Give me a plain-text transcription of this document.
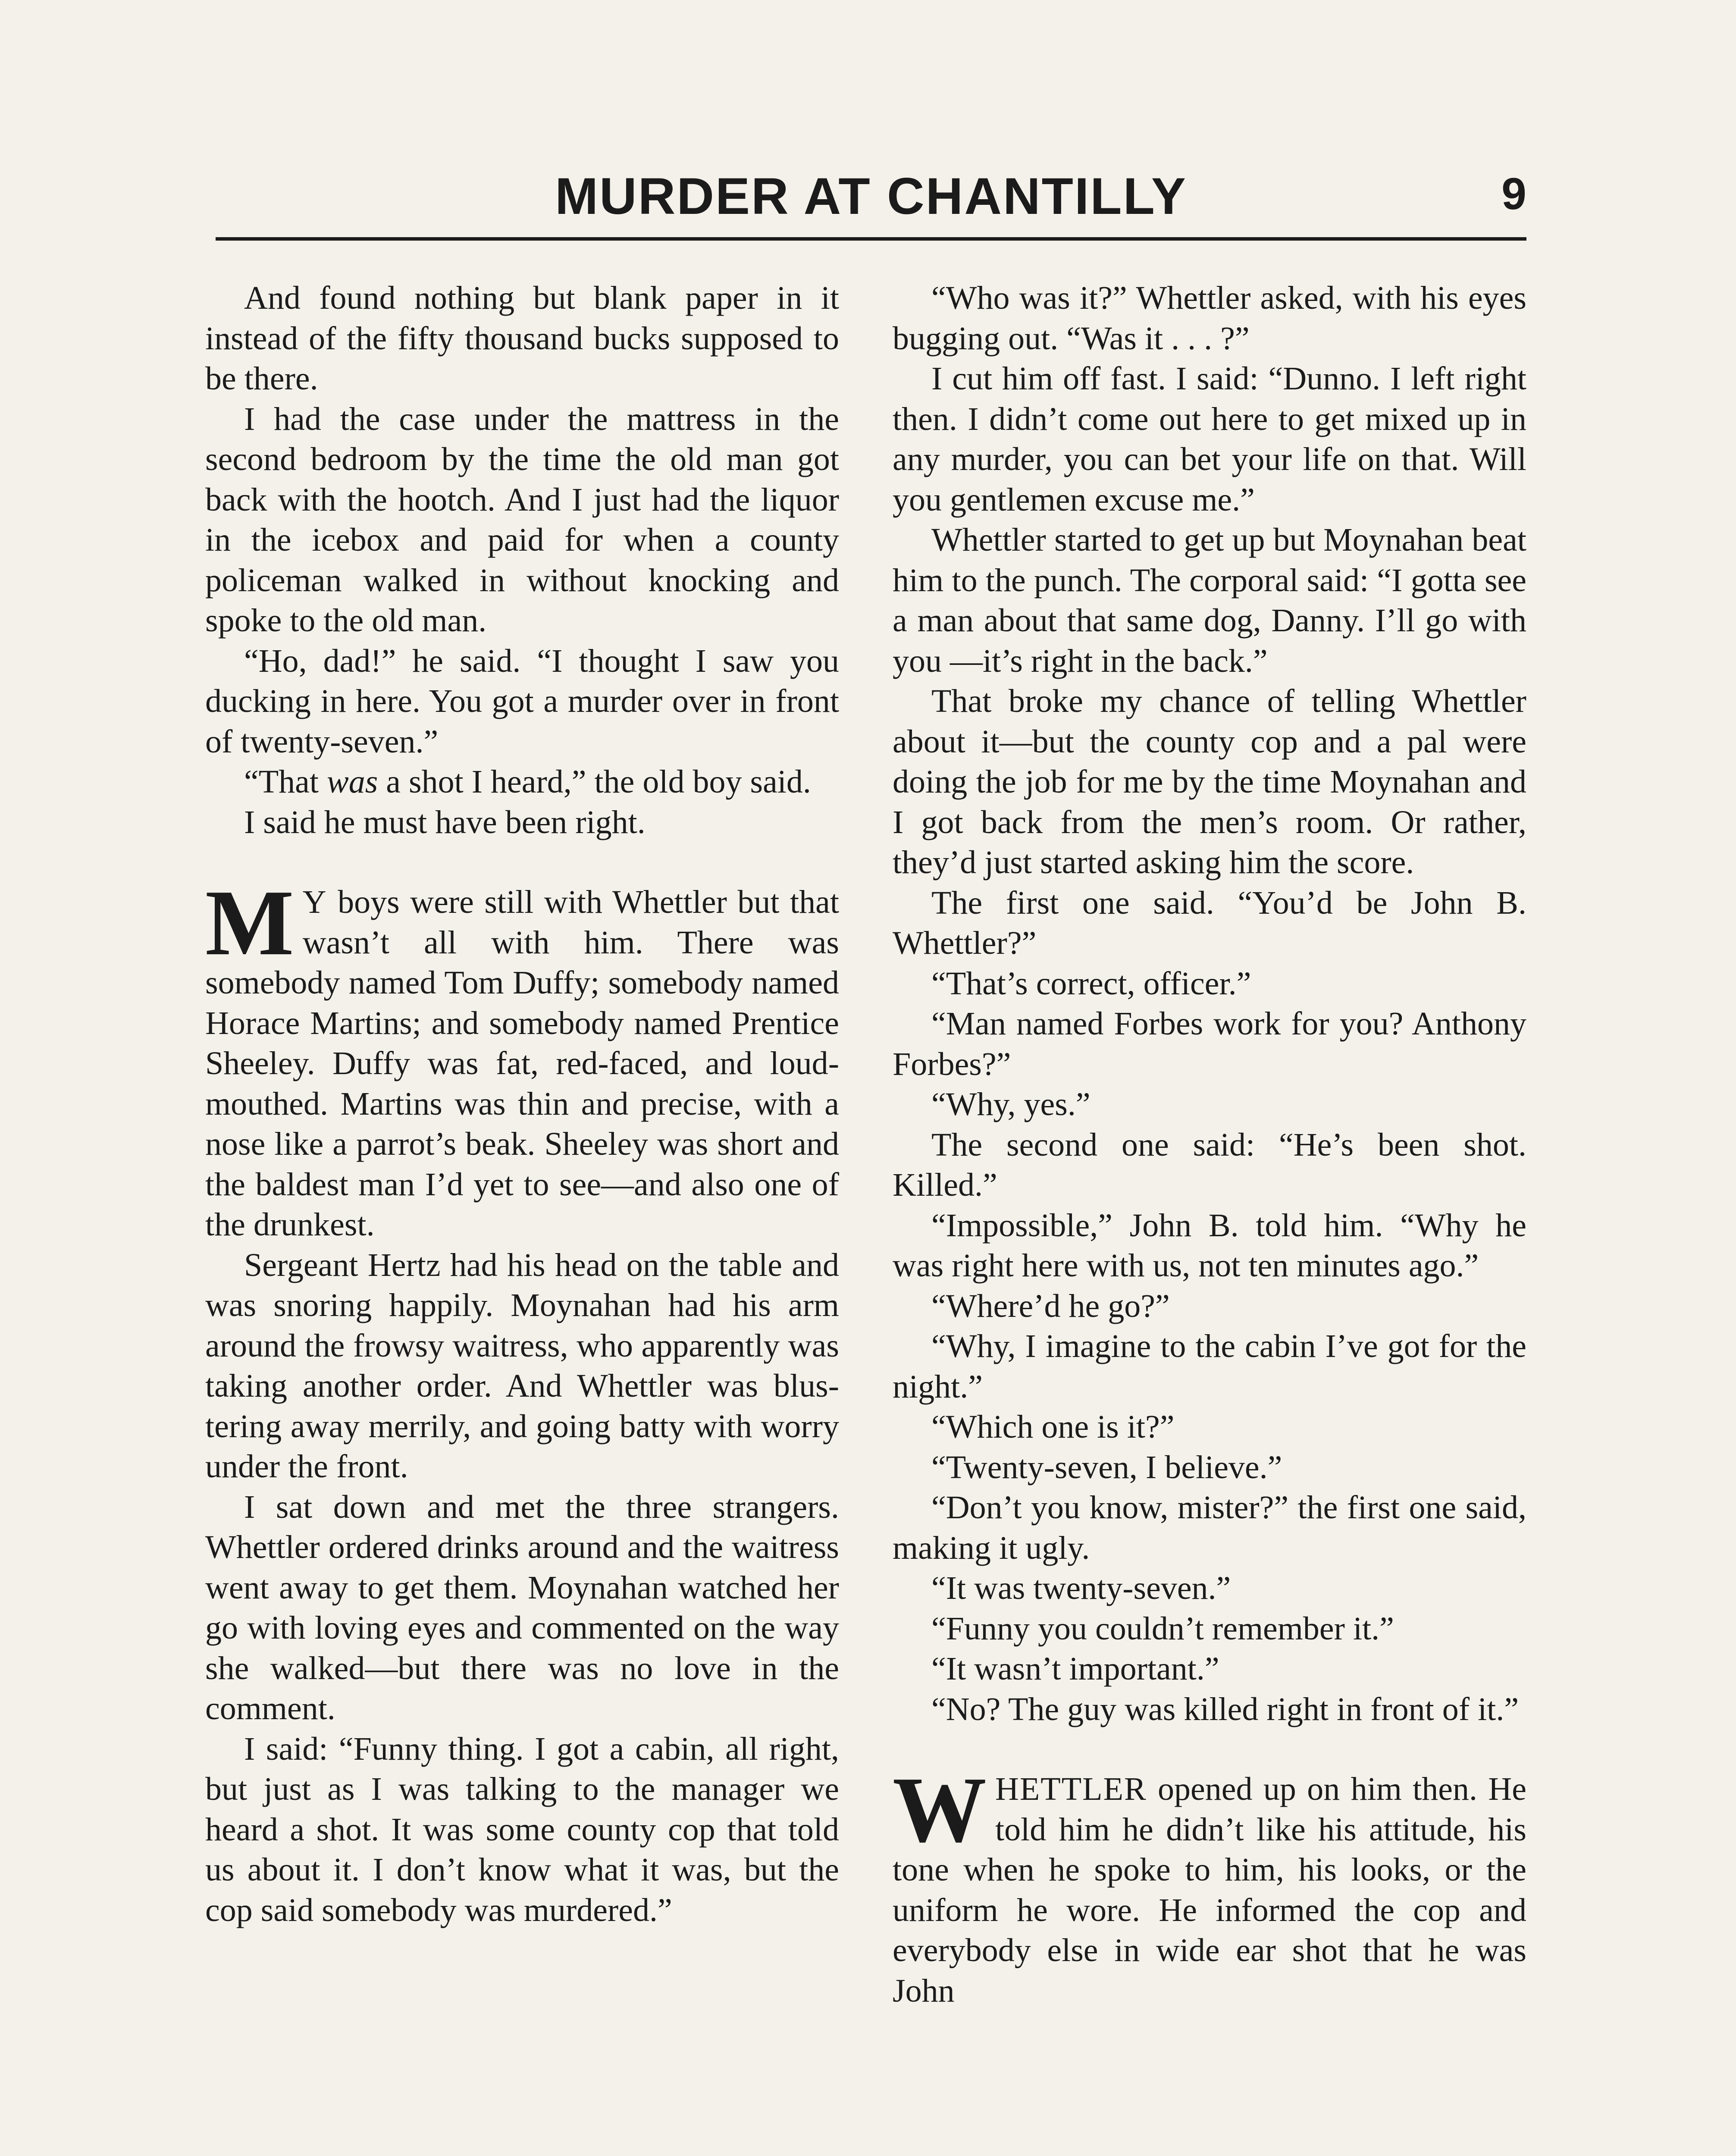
MURDER AT CHANTILLY	9

And found nothing but blank paper in it instead of the fifty thousand bucks supposed to be there.

I had the case under the mattress in the second bedroom by the time the old man got back with the hootch. And I just had the liquor in the icebox and paid for when a county policeman walked in without knocking and spoke to the old man.

“Ho, dad!” he said. “I thought I saw you ducking in here. You got a murder over in front of twenty-seven.”

“That was a shot I heard,” the old boy said.

I said he must have been right.

M Y boys were still with Whettler but that wasn’t all with him. There was somebody named Tom Duffy; somebody named Horace Martins; and somebody named Prentice Sheeley. Duffy was fat, red-faced, and loudmouthed. Martins was thin and precise, with a nose like a parrot’s beak. Sheeley was short and the baldest man I’d yet to see—and also one of the drunkest.

Sergeant Hertz had his head on the table and was snoring happily. Moynahan had his arm around the frowsy waitress, who apparently was taking another order. And Whettler was blustering away merrily, and going batty with worry under the front.

I sat down and met the three strangers. Whettler ordered drinks around and the waitress went away to get them. Moynahan watched her go with loving eyes and commented on the way she walked—but there was no love in the comment.

I said: “Funny thing. I got a cabin, all right, but just as I was talking to the manager we heard a shot. It was some county cop that told us about it. I don’t know what it was, but the cop said somebody was murdered.”

“Who was it?” Whettler asked, with his eyes bugging out. “Was it . . . ?”

I cut him off fast. I said: “Dunno. I left right then. I didn’t come out here to get mixed up in any murder, you can bet your life on that. Will you gentlemen excuse me.”

Whettler started to get up but Moynahan beat him to the punch. The corporal said: “I gotta see a man about that same dog, Danny. I’ll go with you —it’s right in the back.”

That broke my chance of telling Whettler about it—but the county cop and a pal were doing the job for me by the time Moynahan and I got back from the men’s room. Or rather, they’d just started asking him the score.

The first one said. “You’d be John B. Whettler?”

“That’s correct, officer.”

“Man named Forbes work for you? Anthony Forbes?”

“Why, yes.”

The second one said: “He’s been shot. Killed.”

“Impossible,” John B. told him. “Why he was right here with us, not ten minutes ago.”

“Where’d he go?”

“Why, I imagine to the cabin I’ve got for the night.”

“Which one is it?”

“Twenty-seven, I believe.”

“Don’t you know, mister?” the first one said, making it ugly.

“It was twenty-seven.”

“Funny you couldn’t remember it.”

“It wasn’t important.”

“No? The guy was killed right in front of it.”

WHETTLER opened up on him then. He told him he didn’t like his attitude, his tone when he spoke to him, his looks, or the uniform he wore. He informed the cop and everybody else in wide ear shot that he was John
